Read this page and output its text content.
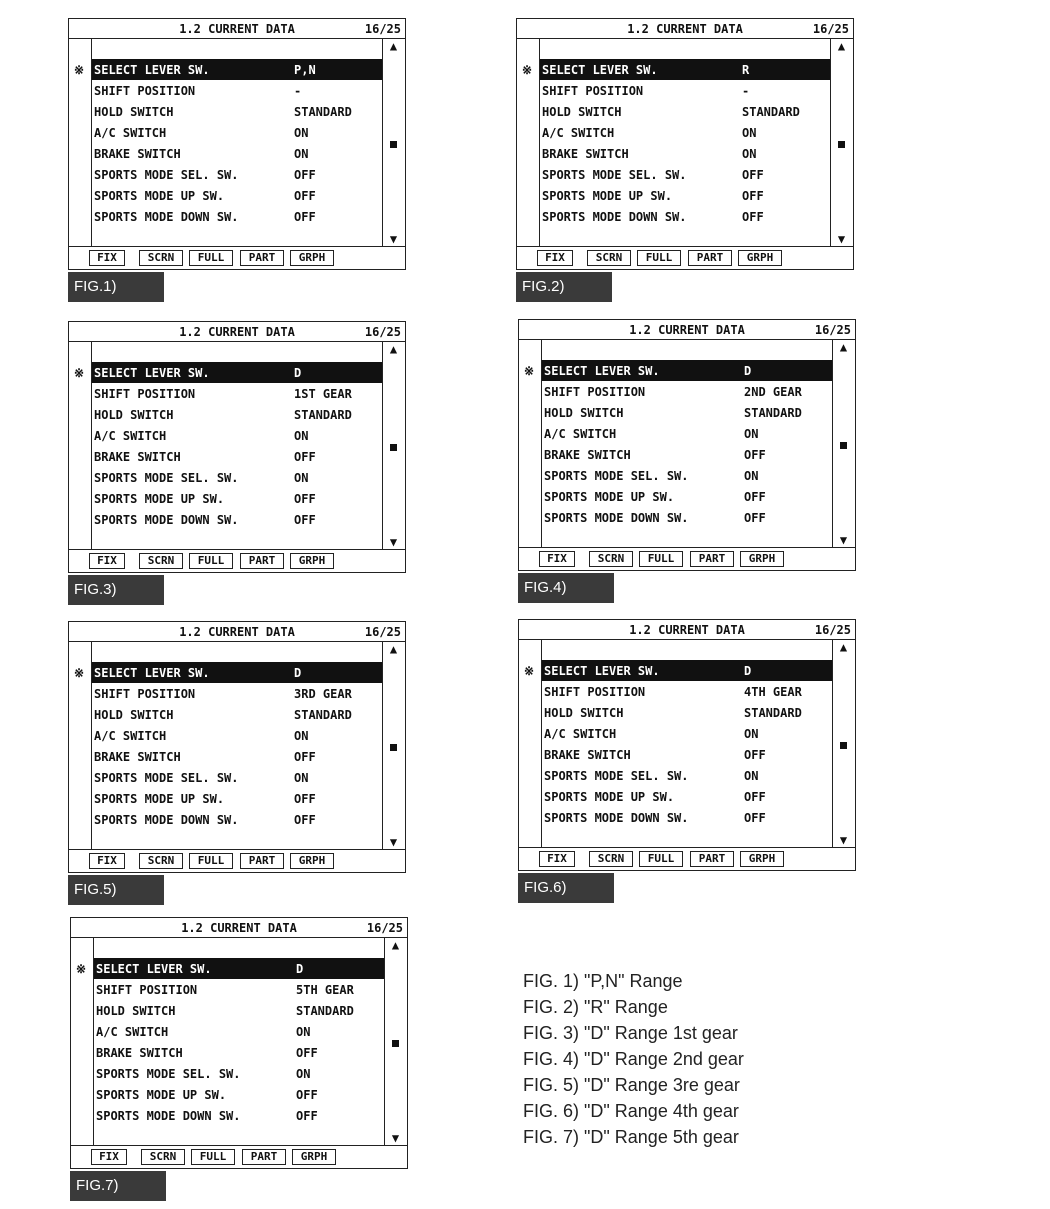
1.2 CURRENT DATA	16/25
※ SELECT LEVER SW.	P,N
SHIFT POSITION	-
HOLD SWITCH	STANDARD
A/C SWITCH	ON
BRAKE SWITCH	ON
SPORTS MODE SEL. SW.	OFF
SPORTS MODE UP SW.	OFF
SPORTS MODE DOWN SW.	OFF
▲
▼
FIX	SCRN	FULL	PART	GRPH
FIG.1)
1.2 CURRENT DATA	16/25
※ SELECT LEVER SW.	R
SHIFT POSITION	-
HOLD SWITCH	STANDARD
A/C SWITCH	ON
BRAKE SWITCH	ON
SPORTS MODE SEL. SW.	OFF
SPORTS MODE UP SW.	OFF
SPORTS MODE DOWN SW.	OFF
▲
▼
FIX	SCRN	FULL	PART	GRPH
FIG.2)
1.2 CURRENT DATA	16/25
※ SELECT LEVER SW.	D
SHIFT POSITION	1ST GEAR
HOLD SWITCH	STANDARD
A/C SWITCH	ON
BRAKE SWITCH	OFF
SPORTS MODE SEL. SW.	ON
SPORTS MODE UP SW.	OFF
SPORTS MODE DOWN SW.	OFF
▲
▼
FIX	SCRN	FULL	PART	GRPH
FIG.3)
1.2 CURRENT DATA	16/25
※ SELECT LEVER SW.	D
SHIFT POSITION	2ND GEAR
HOLD SWITCH	STANDARD
A/C SWITCH	ON
BRAKE SWITCH	OFF
SPORTS MODE SEL. SW.	ON
SPORTS MODE UP SW.	OFF
SPORTS MODE DOWN SW.	OFF
▲
▼
FIX	SCRN	FULL	PART	GRPH
FIG.4)
1.2 CURRENT DATA	16/25
※ SELECT LEVER SW.	D
SHIFT POSITION	3RD GEAR
HOLD SWITCH	STANDARD
A/C SWITCH	ON
BRAKE SWITCH	OFF
SPORTS MODE SEL. SW.	ON
SPORTS MODE UP SW.	OFF
SPORTS MODE DOWN SW.	OFF
▲
▼
FIX	SCRN	FULL	PART	GRPH
FIG.5)
1.2 CURRENT DATA	16/25
※ SELECT LEVER SW.	D
SHIFT POSITION	4TH GEAR
HOLD SWITCH	STANDARD
A/C SWITCH	ON
BRAKE SWITCH	OFF
SPORTS MODE SEL. SW.	ON
SPORTS MODE UP SW.	OFF
SPORTS MODE DOWN SW.	OFF
▲
▼
FIX	SCRN	FULL	PART	GRPH
FIG.6)
1.2 CURRENT DATA	16/25
※ SELECT LEVER SW.	D
SHIFT POSITION	5TH GEAR
HOLD SWITCH	STANDARD
A/C SWITCH	ON
BRAKE SWITCH	OFF
SPORTS MODE SEL. SW.	ON
SPORTS MODE UP SW.	OFF
SPORTS MODE DOWN SW.	OFF
▲
▼
FIX	SCRN	FULL	PART	GRPH
FIG.7)
FIG. 1) "P,N" Range
FIG. 2) "R" Range
FIG. 3) "D" Range 1st gear
FIG. 4) "D" Range 2nd gear
FIG. 5) "D" Range 3re gear
FIG. 6) "D" Range 4th gear
FIG. 7) "D" Range 5th gear
